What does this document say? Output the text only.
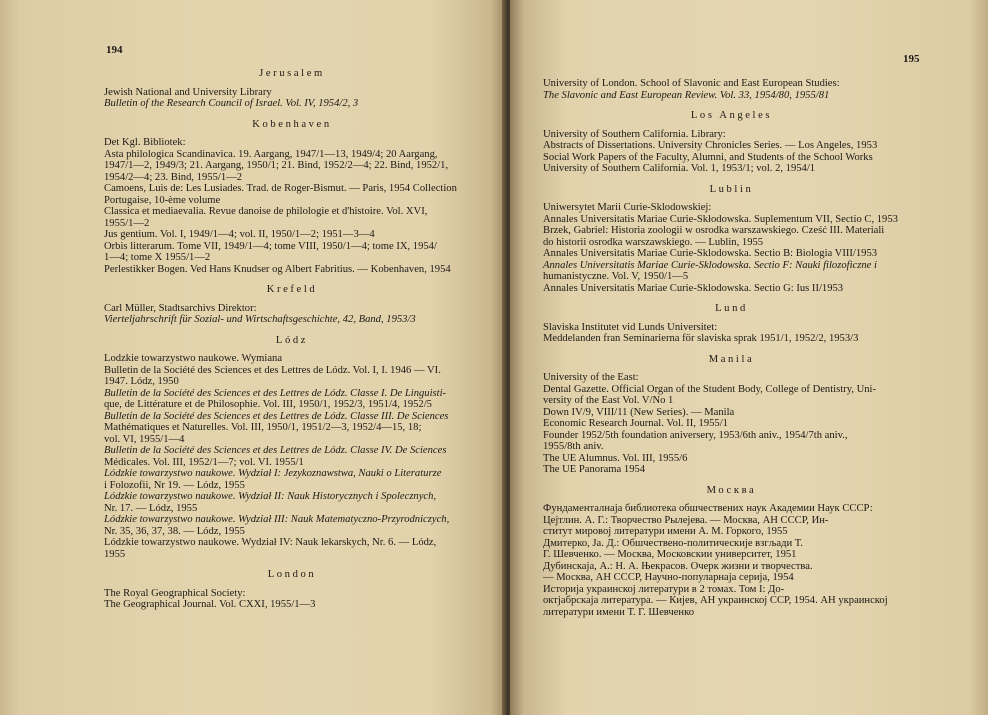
194
Jerusalem
Jewish National and University Library
Bulletin of the Research Council of Israel. Vol. IV, 1954/2, 3
Kobenhaven
Det Kgl. Bibliotek:
Asta philologica Scandinavica. 19. Aargang, 1947/1—13, 1949/4; 20 Aargang,
1947/1—2, 1949/3; 21. Aargang, 1950/1; 21. Bind, 1952/2—4; 22. Bind, 1952/1,
1954/2—4; 23. Bind, 1955/1—2
Camoens, Luis de: Les Lusiades. Trad. de Roger-Bismut. — Paris, 1954 Collection
Portugaise, 10-ème volume
Classica et mediaevalia. Revue danoise de philologie et d'histoire. Vol. XVI,
1955/1—2
Jus gentium. Vol. I, 1949/1—4; vol. II, 1950/1—2; 1951—3—4
Orbis litterarum. Tome VII, 1949/1—4; tome VIII, 1950/1—4; tome IX, 1954/
1—4; tome X 1955/1—2
Perlestikker Bogen. Ved Hans Knudser og Albert Fabritius. — Kobenhaven, 1954
Krefeld
Carl Müller, Stadtsarchivs Direktor:
Vierteljahrschrift für Sozial- und Wirtschaftsgeschichte, 42, Band, 1953/3
Lódz
Lodzkie towarzystwo naukowe. Wymiana
Bulletin de la Société des Sciences et des Lettres de Lódz. Vol. I, I. 1946 — VI.
1947. Lódz, 1950
Bulletin de la Société des Sciences et des Lettres de Lódz. Classe I. De Linguisti-
que, de Littérature et de Philosophie. Vol. III, 1950/1, 1952/3, 1951/4, 1952/5
Bulletin de la Société des Sciences et des Lettres de Lódz. Classe III. De Sciences
Mathématiques et Naturelles. Vol. III, 1950/1, 1951/2—3, 1952/4—15, 18;
vol. VI, 1955/1—4
Bulletin de la Société des Sciences et des Lettres de Lódz. Classe IV. De Sciences
Médicales. Vol. III, 1952/1—7; vol. VI. 1955/1
Lódzkie towarzystwo naukowe. Wydział I: Jezykoznawstwa, Nauki o Literaturze
i Folozofii, Nr 19. — Lódz, 1955
Lódzkie towarzystwo naukowe. Wydział II: Nauk Historycznych i Spolecznych,
Nr. 17. — Lódz, 1955
Lódzkie towarzystwo naukowe. Wydział III: Nauk Matematyczno-Przyrodniczych,
Nr. 35, 36, 37, 38. — Lódz, 1955
Lódzkie towarzystwo naukowe. Wydział IV: Nauk lekarskych, Nr. 6. — Lódz,
1955
London
The Royal Geographical Society:
The Geographical Journal. Vol. CXXI, 1955/1—3
195
University of London. School of Slavonic and East European Studies:
The Slavonic and East European Review. Vol. 33, 1954/80, 1955/81
Los Angeles
University of Southern California. Library:
Abstracts of Dissertations. University Chronicles Series. — Los Angeles, 1953
Social Work Papers of the Faculty, Alumni, and Students of the School Works
University of Southern California. Vol. 1, 1953/1; vol. 2, 1954/1
Lublin
Uniwersytet Marii Curie-Sklodowskiej:
Annales Universitatis Mariae Curie-Skłodowska. Suplementum VII, Sectio C, 1953
Brzek, Gabriel: Historia zoologii w osrodka warszawskiego. Cześć III. Materiali
do historii osrodka warszawskiego. — Lublin, 1955
Annales Universitatis Mariae Curie-Sklodowska. Sectio B: Biologia VIII/1953
Annales Universitatis Mariae Curie-Sklodowska. Sectio F: Nauki filozoficzne i
humanistyczne. Vol. V, 1950/1—5
Annales Universitatis Mariae Curie-Sklodowska. Sectio G: Ius II/1953
Lund
Slaviska Institutet vid Lunds Universitet:
Meddelanden fran Seminarierna för slaviska sprak 1951/1, 1952/2, 1953/3
Manila
University of the East:
Dental Gazette. Official Organ of the Student Body, College of Dentistry, Uni-
versity of the East Vol. V/No 1
Down IV/9, VIII/11 (New Series). — Manila
Economic Research Journal. Vol. II, 1955/1
Founder 1952/5th foundation aniversery, 1953/6th aniv., 1954/7th aniv.,
1955/8th aniv.
The UE Alumnus. Vol. III, 1955/6
The UE Panorama 1954
Москва
Фундаменталнаја библиотека обшчествених наук Академии Наук СССР:
Цејтлин. А. Г.: Творчество Рылејева. — Москва, АН СССР, Ин-
ститут мировој литератури имени А. М. Горкого, 1955
Дмитерко, Ја. Д.: Обшчествено-политическије взгљади Т.
Г. Шевченко. — Москва, Московскии университет, 1951
Дубинскаја, А.: Н. А. Њекрасов. Очерк жизни и творчества.
— Москва, АН СССР, Научно-популарнаја серија, 1954
Историја украинској литератури в 2 томах. Том I: До-
октјабрскаја литература. — Кијев, АН украинској ССР, 1954. АН украинској
литератури имени Т. Г. Шевченко
